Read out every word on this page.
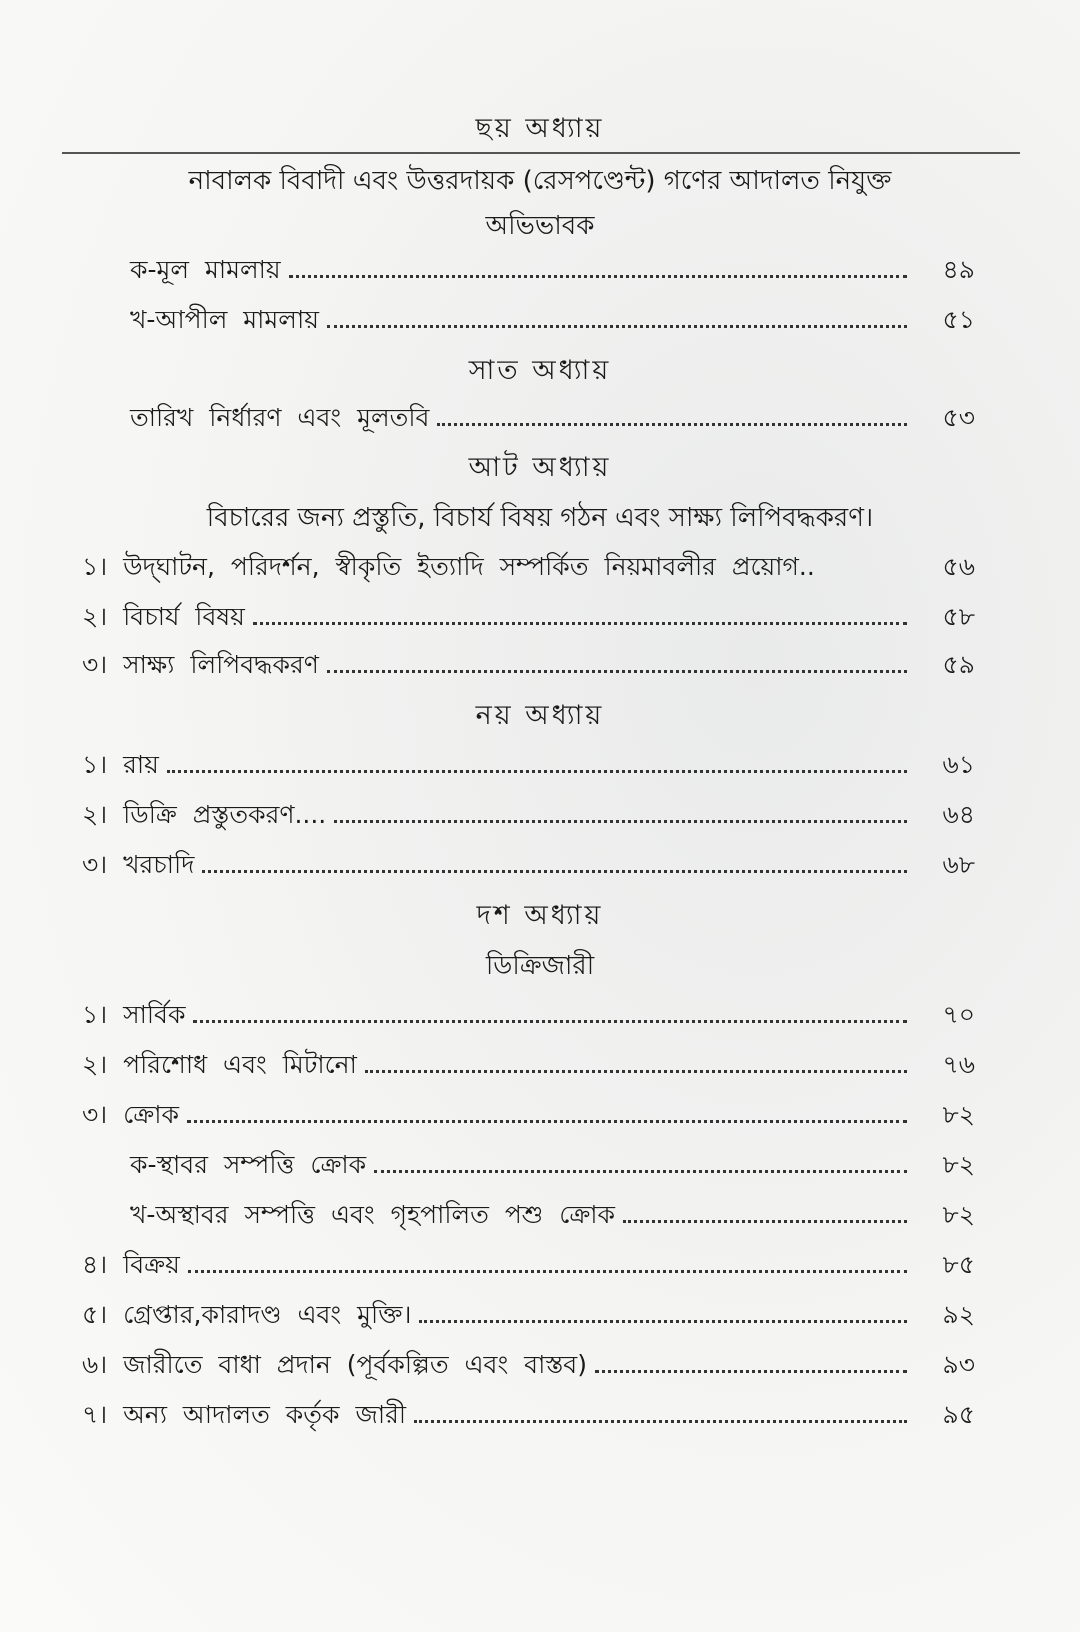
ছয় অধ্যায়
নাবালক বিবাদী এবং উত্তরদায়ক (রেসপণ্ডেন্ট) গণের আদালত নিযুক্ত
অভিভাবক
ক-মূল মামলায়	৪৯
খ-আপীল মামলায়	৫১
সাত অধ্যায়
তারিখ নির্ধারণ এবং মূলতবি	৫৩
আট অধ্যায়
বিচারের জন্য প্রস্তুতি, বিচার্য বিষয় গঠন এবং সাক্ষ্য লিপিবদ্ধকরণ।
১। উদ্‌ঘাটন, পরিদর্শন, স্বীকৃতি ইত্যাদি সম্পর্কিত নিয়মাবলীর প্রয়োগ..	৫৬
২। বিচার্য বিষয়	৫৮
৩। সাক্ষ্য লিপিবদ্ধকরণ	৫৯
নয় অধ্যায়
১। রায়	৬১
২। ডিক্রি প্রস্তুতকরণ....	৬৪
৩। খরচাদি	৬৮
দশ অধ্যায়
ডিক্রিজারী
১। সার্বিক	৭০
২। পরিশোধ এবং মিটানো	৭৬
৩। ক্রোক	৮২
ক-স্থাবর সম্পত্তি ক্রোক	৮২
খ-অস্থাবর সম্পত্তি এবং গৃহপালিত পশু ক্রোক	৮২
৪। বিক্রয়	৮৫
৫। গ্রেপ্তার,কারাদণ্ড এবং মুক্তি।	৯২
৬। জারীতে বাধা প্রদান (পূর্বকল্পিত এবং বাস্তব)	৯৩
৭। অন্য আদালত কর্তৃক জারী	৯৫
